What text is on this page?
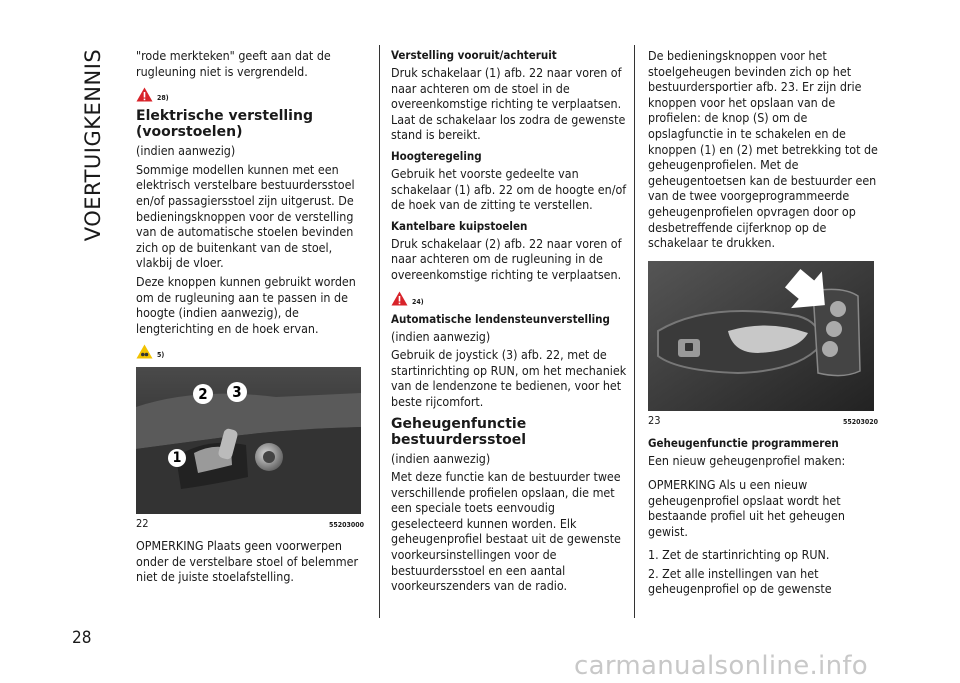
VOERTUIGKENNIS
28

"rode merkteken" geeft aan dat de rugleuning niet is vergrendeld.

28)
Elektrische verstelling (voorstoelen)

(indien aanwezig)

Sommige modellen kunnen met een elektrisch verstelbare bestuurdersstoel en/of passagiersstoel zijn uitgerust. De bedieningsknoppen voor de verstelling van de automatische stoelen bevinden zich op de buitenkant van de stoel, vlakbij de vloer.

Deze knoppen kunnen gebruikt worden om de rugleuning aan te passen in de hoogte (indien aanwezig), de lengterichting en de hoek ervan.

5)
1
2	3
22	55203000

OPMERKING Plaats geen voorwerpen onder de verstelbare stoel of belemmer niet de juiste stoelafstelling.

Verstelling vooruit/achteruit

Druk schakelaar (1) afb. 22 naar voren of naar achteren om de stoel in de overeenkomstige richting te verplaatsen. Laat de schakelaar los zodra de gewenste stand is bereikt.

Hoogteregeling

Gebruik het voorste gedeelte van schakelaar (1) afb. 22 om de hoogte en/of de hoek van de zitting te verstellen.

Kantelbare kuipstoelen

Druk schakelaar (2) afb. 22 naar voren of naar achteren om de rugleuning in de overeenkomstige richting te verplaatsen.

24)
Automatische lendensteunverstelling

(indien aanwezig)

Gebruik de joystick (3) afb. 22, met de startinrichting op RUN, om het mechaniek van de lendenzone te bedienen, voor het beste rijcomfort.

Geheugenfunctie bestuurdersstoel

(indien aanwezig)

Met deze functie kan de bestuurder twee verschillende profielen opslaan, die met een speciale toets eenvoudig geselecteerd kunnen worden. Elk geheugenprofiel bestaat uit de gewenste voorkeursinstellingen voor de bestuurdersstoel en een aantal voorkeurszenders van de radio.

De bedieningsknoppen voor het stoelgeheugen bevinden zich op het bestuurdersportier afb. 23. Er zijn drie knoppen voor het opslaan van de profielen: de knop (S) om de opslagfunctie in te schakelen en de knoppen (1) en (2) met betrekking tot de geheugenprofielen. Met de geheugentoetsen kan de bestuurder een van de twee voorgeprogrammeerde geheugenprofielen opvragen door op desbetreffende cijferknop op de schakelaar te drukken.

23	55203020
Geheugenfunctie programmeren

Een nieuw geheugenprofiel maken:

OPMERKING Als u een nieuw geheugenprofiel opslaat wordt het bestaande profiel uit het geheugen gewist.

1. Zet de startinrichting op RUN.

2. Zet alle instellingen van het geheugenprofiel op de gewenste

carmanualsonline.info
